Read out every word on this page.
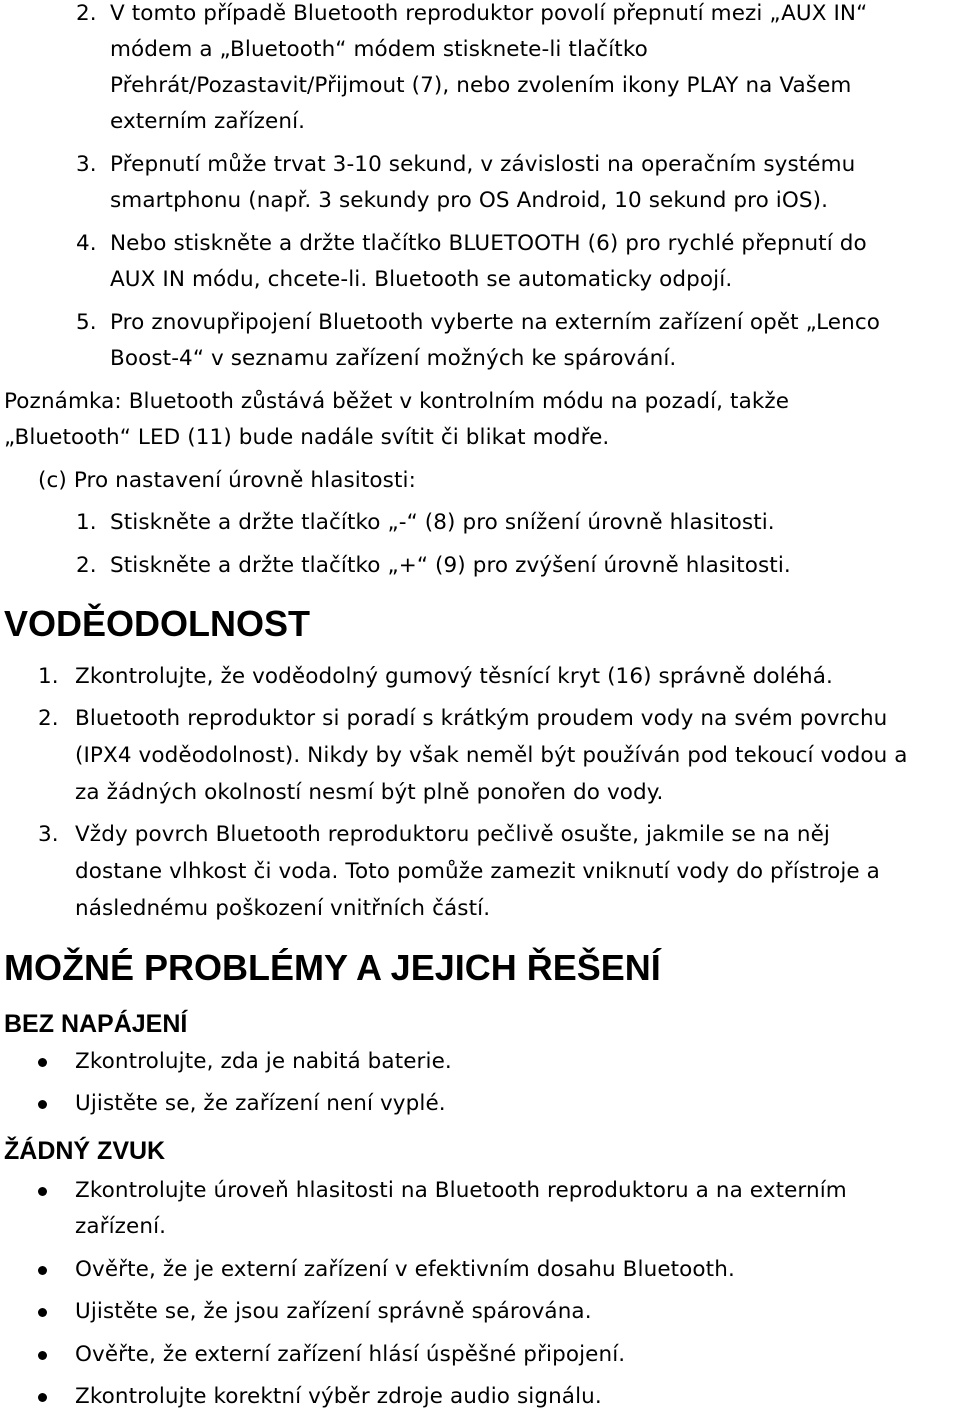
2. V tomto případě Bluetooth reproduktor povolí přepnutí mezi „AUX IN“
módem a „Bluetooth“ módem stisknete-li tlačítko
Přehrát/Pozastavit/Přijmout (7), nebo zvolením ikony PLAY na Vašem
externím zařízení.
3. Přepnutí může trvat 3-10 sekund, v závislosti na operačním systému
smartphonu (např. 3 sekundy pro OS Android, 10 sekund pro iOS).
4. Nebo stiskněte a držte tlačítko BLUETOOTH (6) pro rychlé přepnutí do
AUX IN módu, chcete-li. Bluetooth se automaticky odpojí.
5. Pro znovupřipojení Bluetooth vyberte na externím zařízení opět „Lenco
Boost-4“ v seznamu zařízení možných ke spárování.
Poznámka: Bluetooth zůstává běžet v kontrolním módu na pozadí, takže
„Bluetooth“ LED (11) bude nadále svítit či blikat modře.
(c) Pro nastavení úrovně hlasitosti:
1. Stiskněte a držte tlačítko „-“ (8) pro snížení úrovně hlasitosti.
2. Stiskněte a držte tlačítko „+“ (9) pro zvýšení úrovně hlasitosti.
VODĚODOLNOST
1. Zkontrolujte, že voděodolný gumový těsnící kryt (16) správně doléhá.
2. Bluetooth reproduktor si poradí s krátkým proudem vody na svém povrchu
(IPX4 voděodolnost). Nikdy by však neměl být používán pod tekoucí vodou a
za žádných okolností nesmí být plně ponořen do vody.
3. Vždy povrch Bluetooth reproduktoru pečlivě osušte, jakmile se na něj
dostane vlhkost či voda. Toto pomůže zamezit vniknutí vody do přístroje a
následnému poškození vnitřních částí.
MOŽNÉ PROBLÉMY A JEJICH ŘEŠENÍ
BEZ NAPÁJENÍ
Zkontrolujte, zda je nabitá baterie.
Ujistěte se, že zařízení není vyplé.
ŽÁDNÝ ZVUK
Zkontrolujte úroveň hlasitosti na Bluetooth reproduktoru a na externím
zařízení.
Ověřte, že je externí zařízení v efektivním dosahu Bluetooth.
Ujistěte se, že jsou zařízení správně spárována.
Ověřte, že externí zařízení hlásí úspěšné připojení.
Zkontrolujte korektní výběr zdroje audio signálu.
